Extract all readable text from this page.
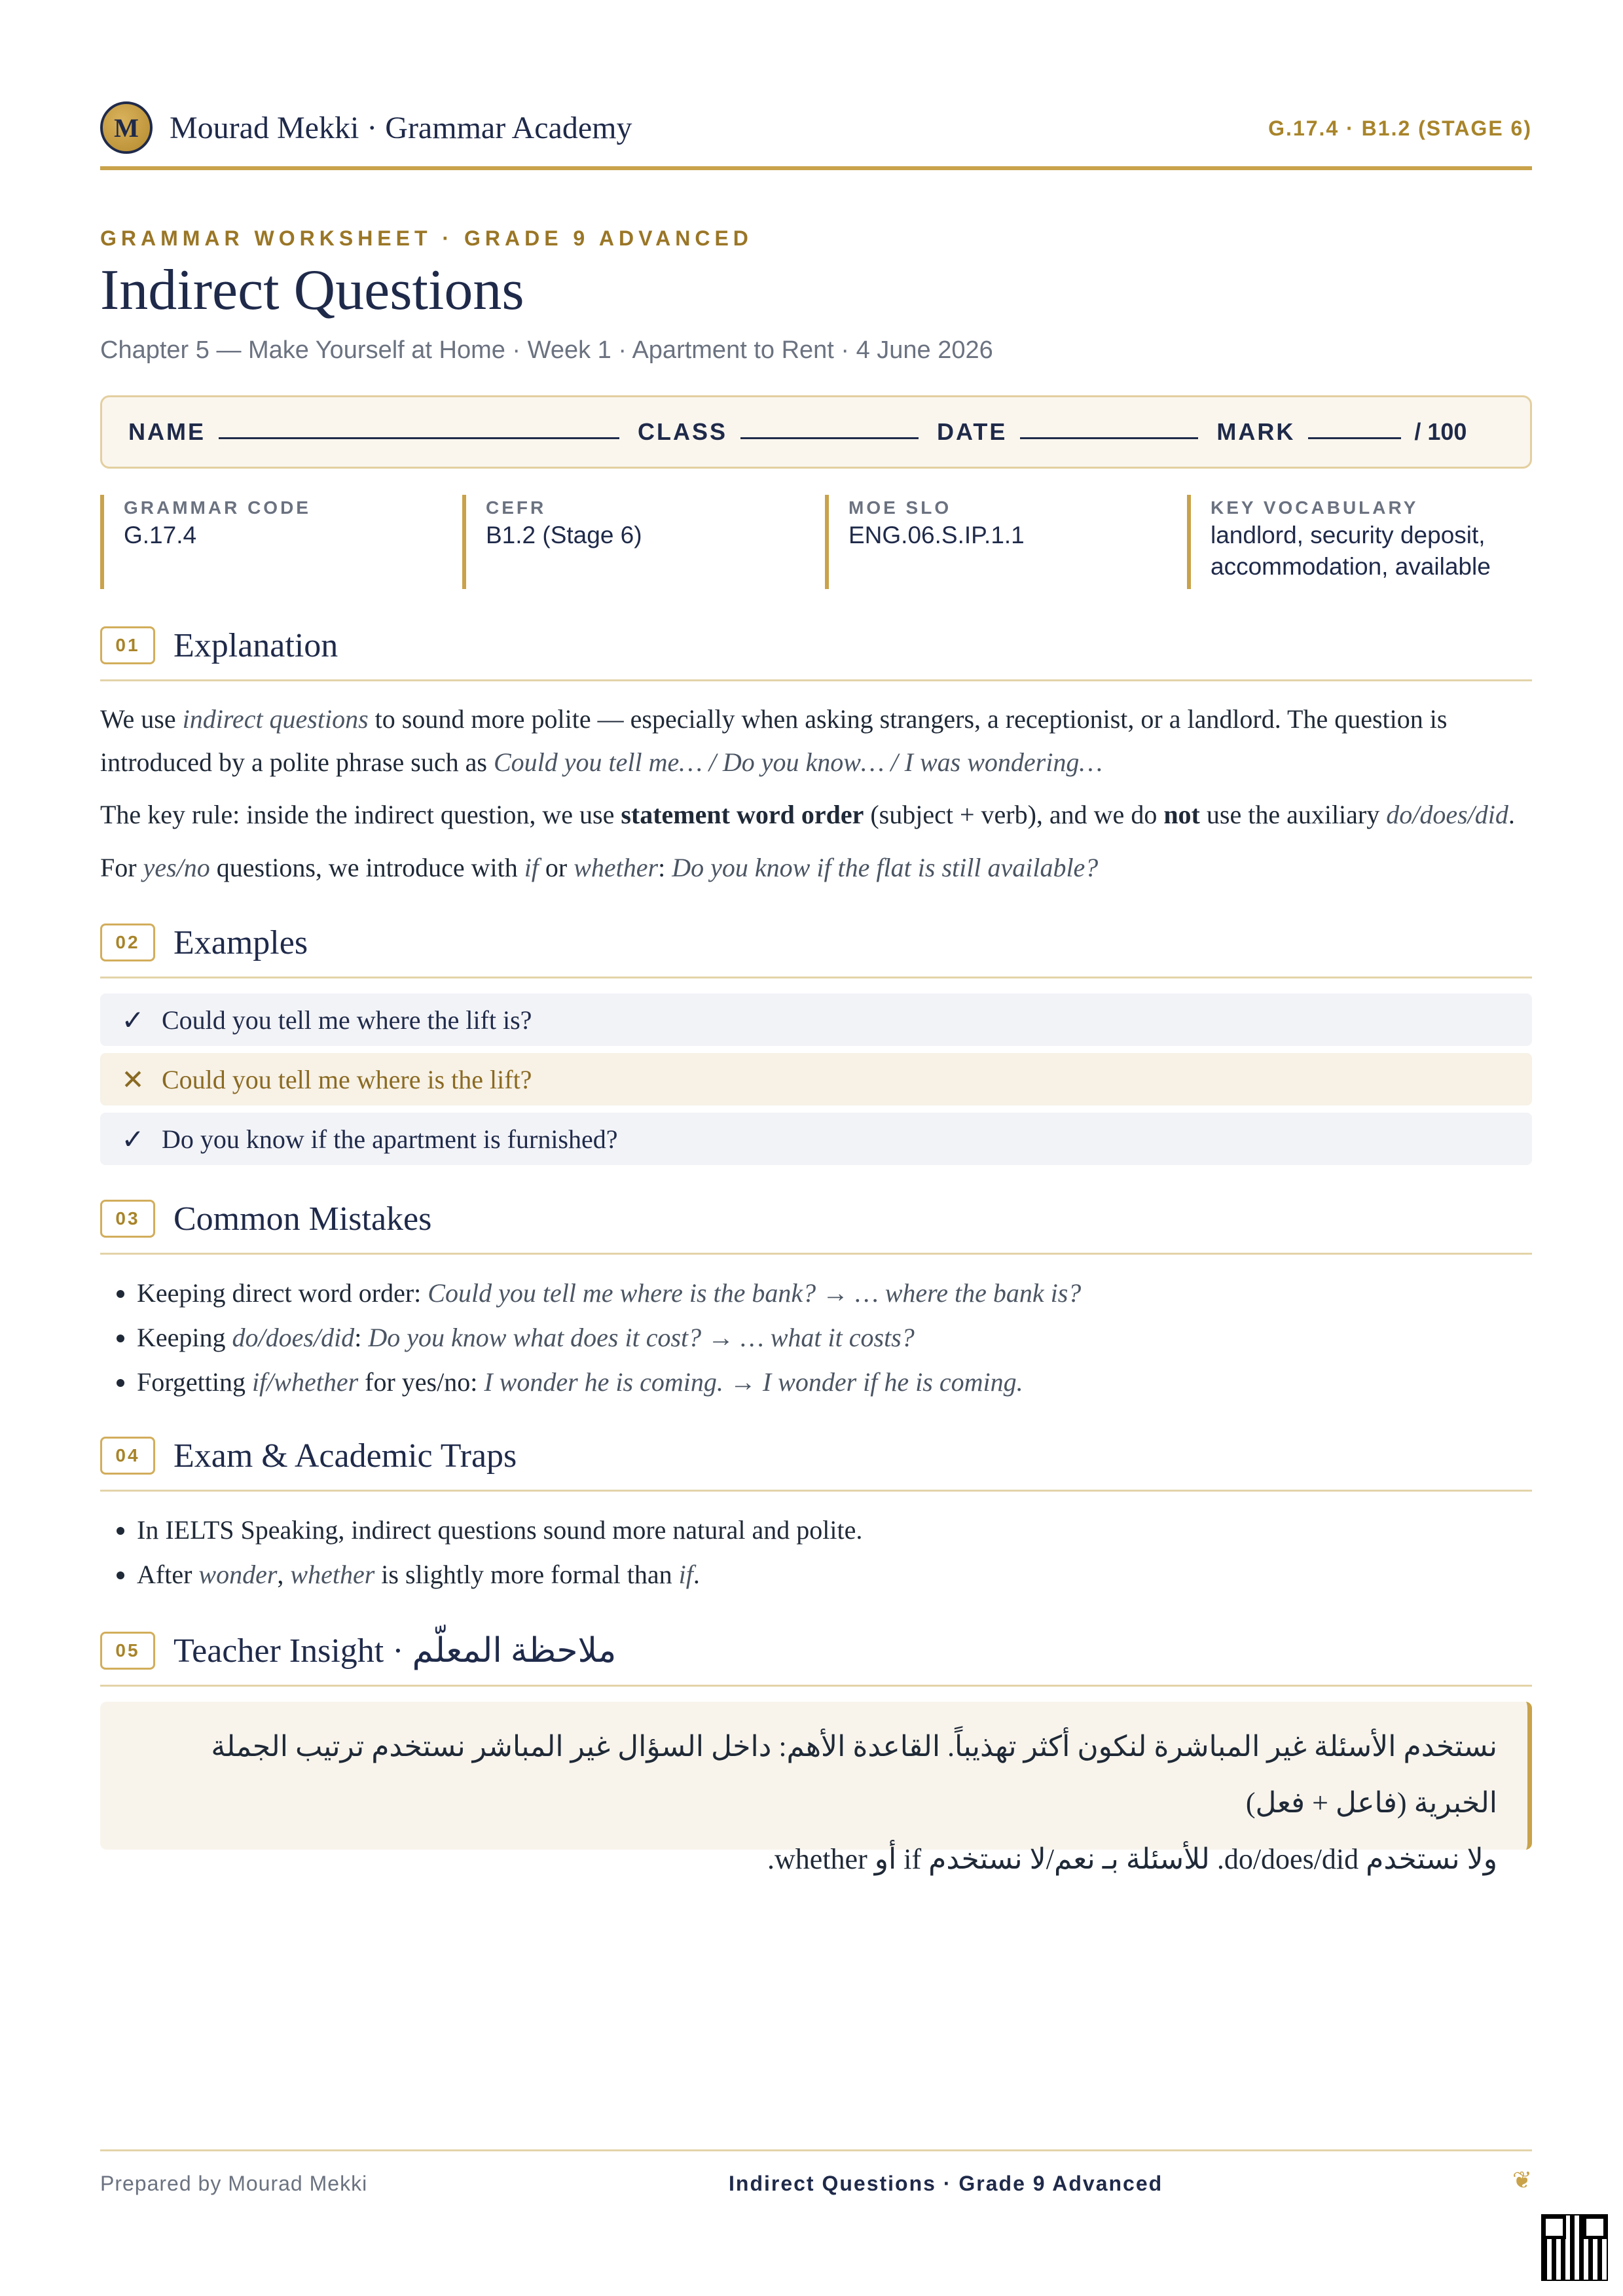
M Mourad Mekki · Grammar Academy	G.17.4 · B1.2 (STAGE 6)
GRAMMAR WORKSHEET · GRADE 9 ADVANCED
Indirect Questions
Chapter 5 — Make Yourself at Home · Week 1 · Apartment to Rent · 4 June 2026
NAME	CLASS	DATE	MARK	/ 100
GRAMMAR CODE
G.17.4
CEFR
B1.2 (Stage 6)
MOE SLO
ENG.06.S.IP.1.1
KEY VOCABULARY
landlord, security deposit, accommodation, available
01 Explanation
We use indirect questions to sound more polite — especially when asking strangers, a receptionist, or a landlord. The question is introduced by a polite phrase such as Could you tell me… / Do you know… / I was wondering…
The key rule: inside the indirect question, we use statement word order (subject + verb), and we do not use the auxiliary do/does/did.
For yes/no questions, we introduce with if or whether: Do you know if the flat is still available?
02 Examples
✓ Could you tell me where the lift is?
✕ Could you tell me where is the lift?
✓ Do you know if the apartment is furnished?
03 Common Mistakes
• Keeping direct word order: Could you tell me where is the bank? → … where the bank is?
• Keeping do/does/did: Do you know what does it cost? → … what it costs?
• Forgetting if/whether for yes/no: I wonder he is coming. → I wonder if he is coming.
04 Exam & Academic Traps
• In IELTS Speaking, indirect questions sound more natural and polite.
• After wonder, whether is slightly more formal than if.
05 Teacher Insight · ملاحظة المعلّم
نستخدم الأسئلة غير المباشرة لنكون أكثر تهذيباً. القاعدة الأهم: داخل السؤال غير المباشر نستخدم ترتيب الجملة الخبرية (فاعل + فعل)
ولا نستخدم do/does/did. للأسئلة بـ نعم/لا نستخدم if أو whether.
Prepared by Mourad Mekki	Indirect Questions · Grade 9 Advanced	❦
